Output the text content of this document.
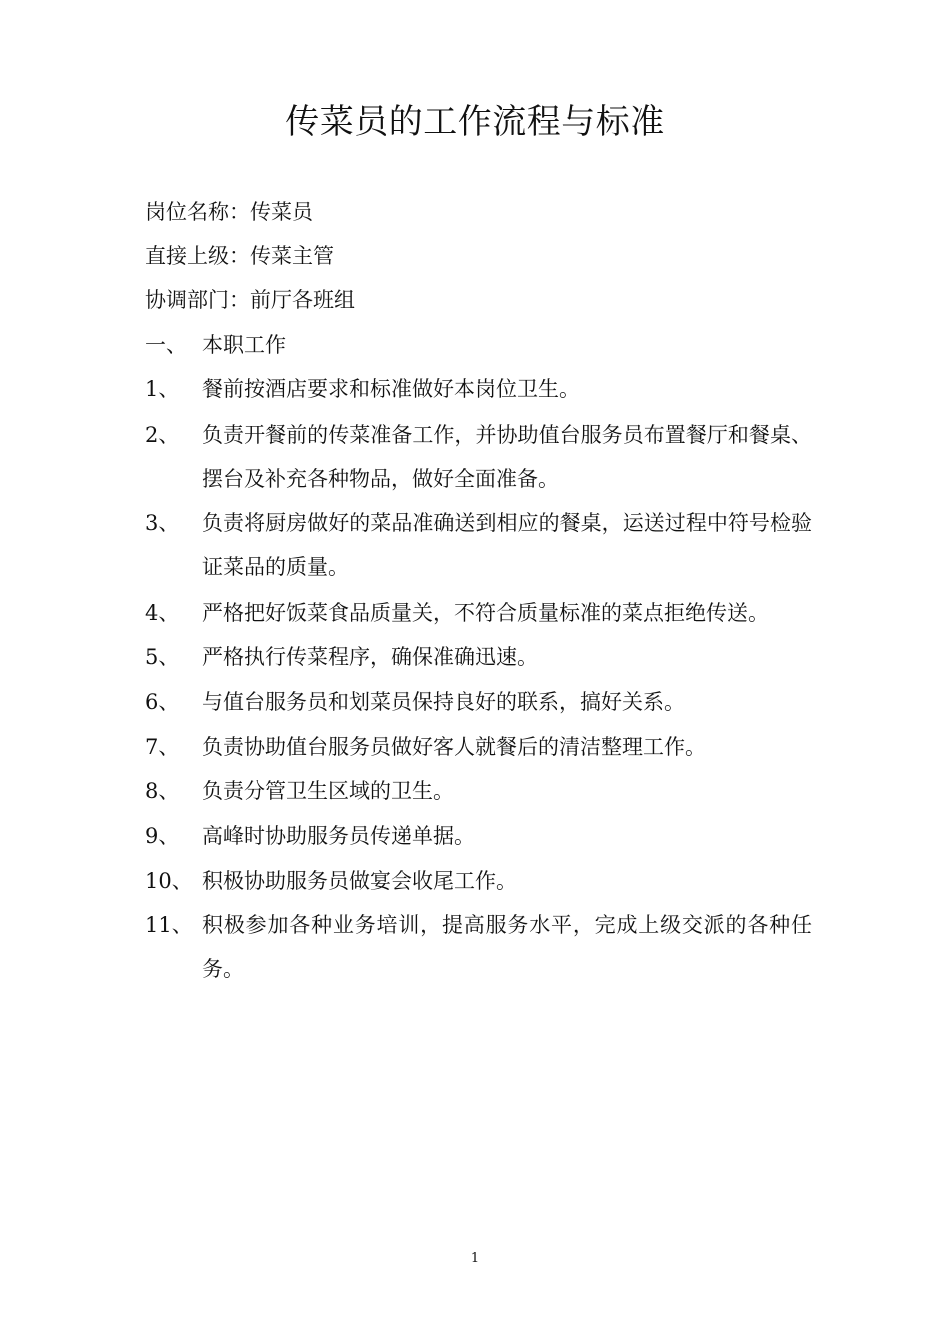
传菜员的工作流程与标准
岗位名称：传菜员
直接上级：传菜主管
协调部门：前厅各班组
一、 本职工作
1、	餐前按酒店要求和标准做好本岗位卫生。
2、	负责开餐前的传菜准备工作，并协助值台服务员布置餐厅和餐桌、摆台及补充各种物品，做好全面准备。
3、	负责将厨房做好的菜品准确送到相应的餐桌，运送过程中符号检验证菜品的质量。
4、	严格把好饭菜食品质量关，不符合质量标准的菜点拒绝传送。
5、	严格执行传菜程序，确保准确迅速。
6、	与值台服务员和划菜员保持良好的联系，搞好关系。
7、	负责协助值台服务员做好客人就餐后的清洁整理工作。
8、	负责分管卫生区域的卫生。
9、	高峰时协助服务员传递单据。
10、 积极协助服务员做宴会收尾工作。
11、 积极参加各种业务培训，提高服务水平，完成上级交派的各种任务。
1
